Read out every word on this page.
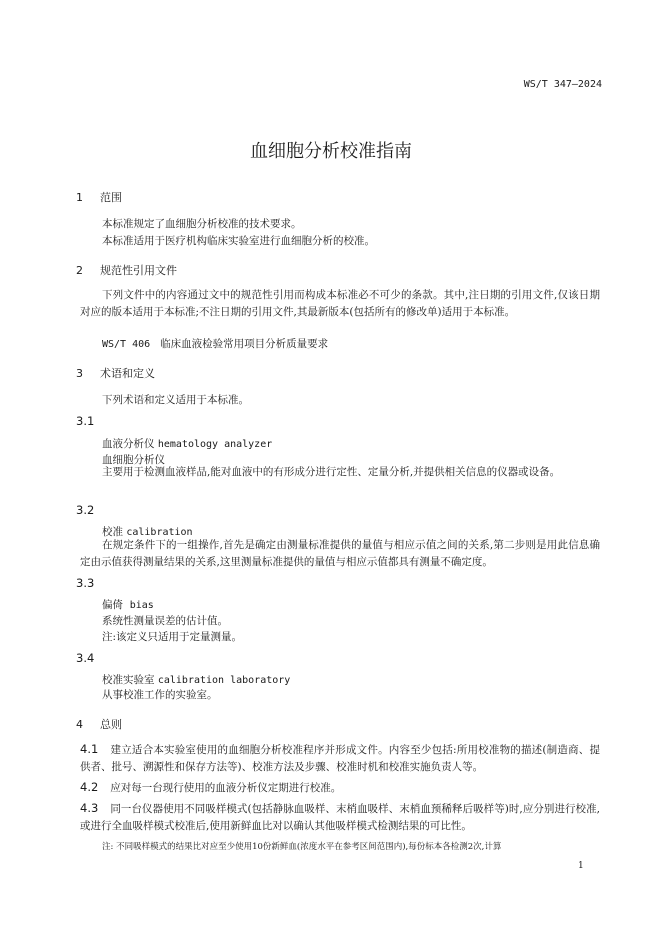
WS/T 347—2024
血细胞分析校准指南
1 范围
本标准规定了血细胞分析校准的技术要求。
本标准适用于医疗机构临床实验室进行血细胞分析的校准。
2 规范性引用文件
下列文件中的内容通过文中的规范性引用而构成本标准必不可少的条款。其中,注日期的引用文件,仅该日期对应的版本适用于本标准;不注日期的引用文件,其最新版本(包括所有的修改单)适用于本标准。
WS/T 406 临床血液检验常用项目分析质量要求
3 术语和定义
下列术语和定义适用于本标准。
3.1
血液分析仪 hematology analyzer
血细胞分析仪
主要用于检测血液样品,能对血液中的有形成分进行定性、定量分析,并提供相关信息的仪器或设备。
3.2
校准 calibration
在规定条件下的一组操作,首先是确定由测量标准提供的量值与相应示值之间的关系,第二步则是用此信息确定由示值获得测量结果的关系,这里测量标准提供的量值与相应示值都具有测量不确定度。
3.3
偏倚 bias
系统性测量误差的估计值。
注:该定义只适用于定量测量。
3.4
校准实验室 calibration laboratory
从事校准工作的实验室。
4 总则
4.1 建立适合本实验室使用的血细胞分析校准程序并形成文件。内容至少包括:所用校准物的描述(制造商、提供者、批号、溯源性和保存方法等)、校准方法及步骤、校准时机和校准实施负责人等。
4.2 应对每一台现行使用的血液分析仪定期进行校准。
4.3 同一台仪器使用不同吸样模式(包括静脉血吸样、末梢血吸样、末梢血预稀释后吸样等)时,应分别进行校准,或进行全血吸样模式校准后,使用新鲜血比对以确认其他吸样模式检测结果的可比性。
注: 不同吸样模式的结果比对应至少使用10份新鲜血(浓度水平在参考区间范围内),每份标本各检测2次,计算
1
